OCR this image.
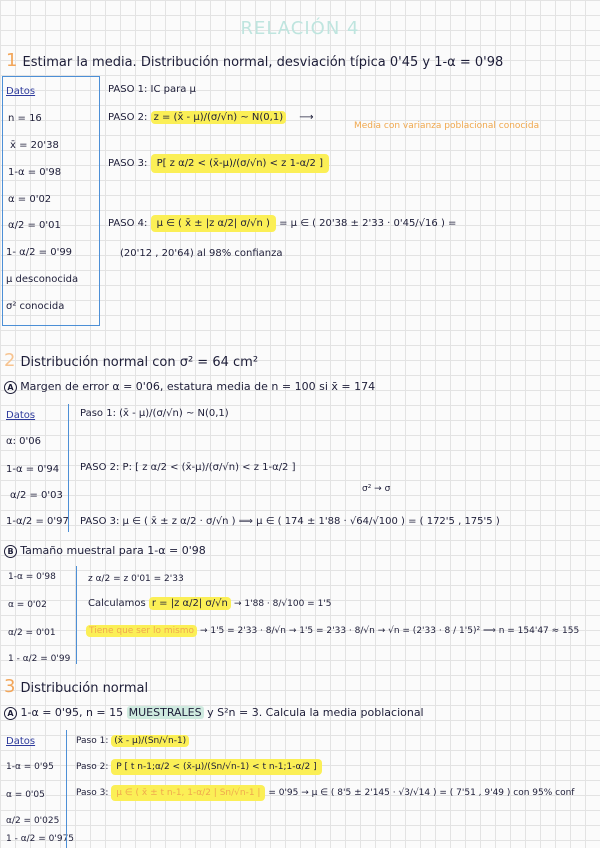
RELACIÓN 4
1 Estimar la media. Distribución normal, desviación típica 0'45 y 1-α = 0'98
Datos
n = 16
x̄ = 20'38
1-α = 0'98
α = 0'02
α/2 = 0'01
1- α/2 = 0'99
μ desconocida
σ² conocida
PASO 1: IC para μ
PASO 2: z = (x̄ - μ)/(σ/√n) ~ N(0,1) ⟶
Media con varianza poblacional conocida
PASO 3: P[ z α/2 < (x̄-μ)/(σ/√n) < z 1-α/2 ]
PASO 4: μ ∈ ( x̄ ± |z α/2| σ/√n ) = μ ∈ ( 20'38 ± 2'33 · 0'45/√16 ) =
(20'12 , 20'64) al 98% confianza
2 Distribución normal con σ² = 64 cm²
A Margen de error α = 0'06, estatura media de n = 100 si x̄ = 174
Datos
α: 0'06
1-α = 0'94
α/2 = 0'03
1-α/2 = 0'97
Paso 1: (x̄ - μ)/(σ/√n) ~ N(0,1)
PASO 2: P: [ z α/2 < (x̄-μ)/(σ/√n) < z 1-α/2 ]
σ² → σ
PASO 3: μ ∈ ( x̄ ± z α/2 · σ/√n ) ⟹ μ ∈ ( 174 ± 1'88 · √64/√100 ) = ( 172'5 , 175'5 )
B Tamaño muestral para 1-α = 0'98
1-α = 0'98
α = 0'02
α/2 = 0'01
1 - α/2 = 0'99
z α/2 = z 0'01 = 2'33
Calculamos r = |z α/2| σ/√n → 1'88 · 8/√100 = 1'5
Tiene que ser lo mismo → 1'5 = 2'33 · 8/√n → 1'5 = 2'33 · 8/√n → √n = (2'33 · 8 / 1'5)² ⟹ n = 154'47 ≈ 155
3 Distribución normal
A 1-α = 0'95, n = 15 MUESTRALES y S²n = 3. Calcula la media poblacional
Datos
1-α = 0'95
α = 0'05
α/2 = 0'025
1 - α/2 = 0'975
Paso 1: (x̄ - μ)/(Sn/√n-1)
Paso 2: P [ t n-1;α/2 < (x̄-μ)/(Sn/√n-1) < t n-1;1-α/2 ]
Paso 3: μ ∈ ( x̄ ± t n-1, 1-α/2 | Sn/√n-1 | = 0'95 → μ ∈ ( 8'5 ± 2'145 · √3/√14 ) = ( 7'51 , 9'49 ) con 95% conf
